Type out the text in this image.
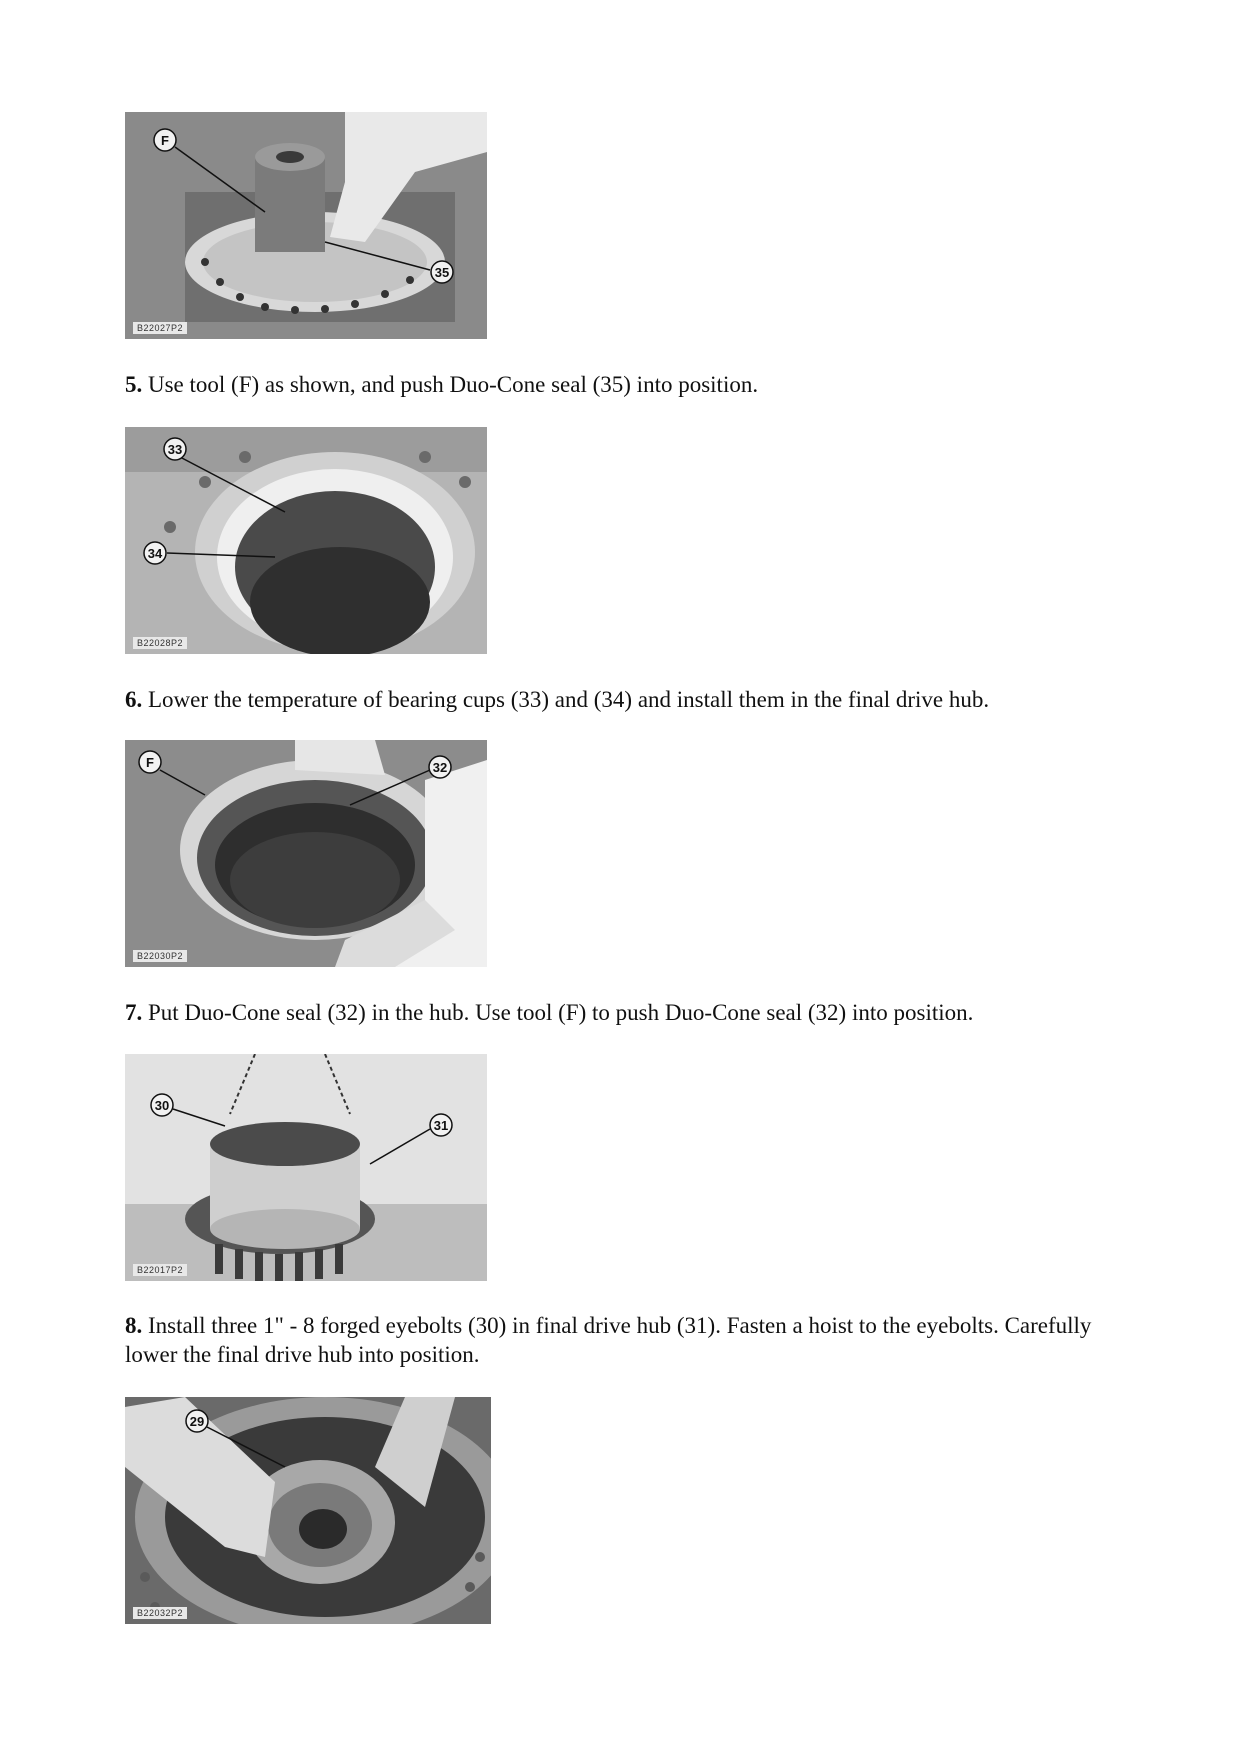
F
35
B22027P2

5. Use tool (F) as shown, and push Duo-Cone seal (35) into position.

33
34
B22028P2

6. Lower the temperature of bearing cups (33) and (34) and install them in the final drive hub.

F	32
B22030P2

7. Put Duo-Cone seal (32) in the hub. Use tool (F) to push Duo-Cone seal (32) into position.

30
31
B22017P2

8. Install three 1" - 8 forged eyebolts (30) in final drive hub (31). Fasten a hoist to the eyebolts. Carefully lower the final drive hub into position.

29
B22032P2
